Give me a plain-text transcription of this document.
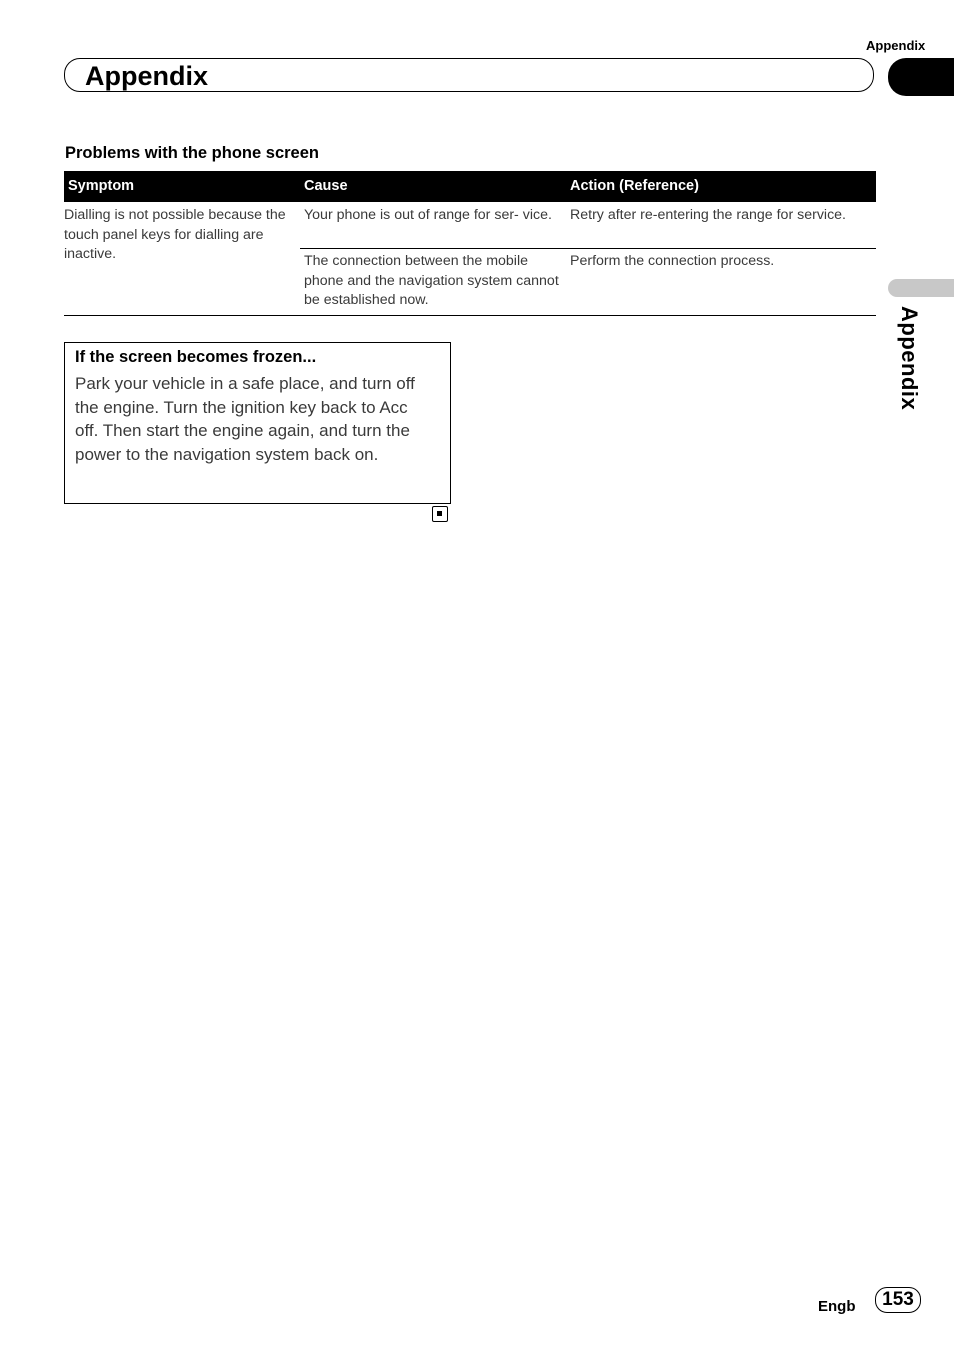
Appendix
Appendix
Appendix
Problems with the phone screen
Symptom	Cause	Action (Reference)
Dialling is not possible because the touch panel keys for dialling are inactive.	Your phone is out of range for ser- vice.	Retry after re-entering the range for service.
	The connection between the mobile phone and the navigation system cannot be established now.	Perform the connection process.
If the screen becomes frozen...
Park your vehicle in a safe place, and turn off the engine. Turn the ignition key back to Acc off. Then start the engine again, and turn the power to the navigation system back on.
Engb	153
